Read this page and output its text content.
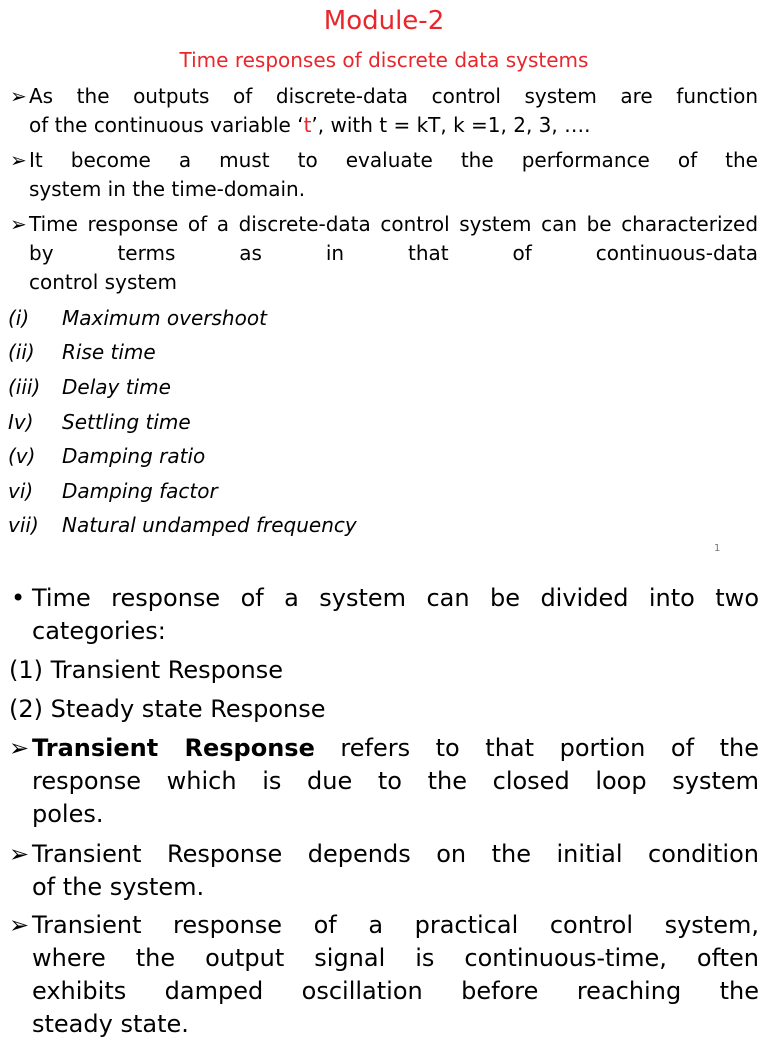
Module-2
Time responses of discrete data systems
➢ As the outputs of discrete-data control system are function
of the continuous variable ‘t’, with t = kT, k =1, 2, 3, ….
➢ It become a must to evaluate the performance of the
system in the time-domain.
➢ Time response of a discrete-data control system can be characterized by terms as in that of continuous-data
control system
(i) Maximum overshoot
(ii) Rise time
(iii) Delay time
Iv) Settling time
(v) Damping ratio
vi) Damping factor
vii) Natural undamped frequency
1
• Time response of a system can be divided into two
categories:
(1) Transient Response
(2) Steady state Response
➢ Transient Response refers to that portion of the
response which is due to the closed loop system
poles.
➢ Transient Response depends on the initial condition
of the system.
➢ Transient response of a practical control system,
where the output signal is continuous-time, often
exhibits damped oscillation before reaching the
steady state.
